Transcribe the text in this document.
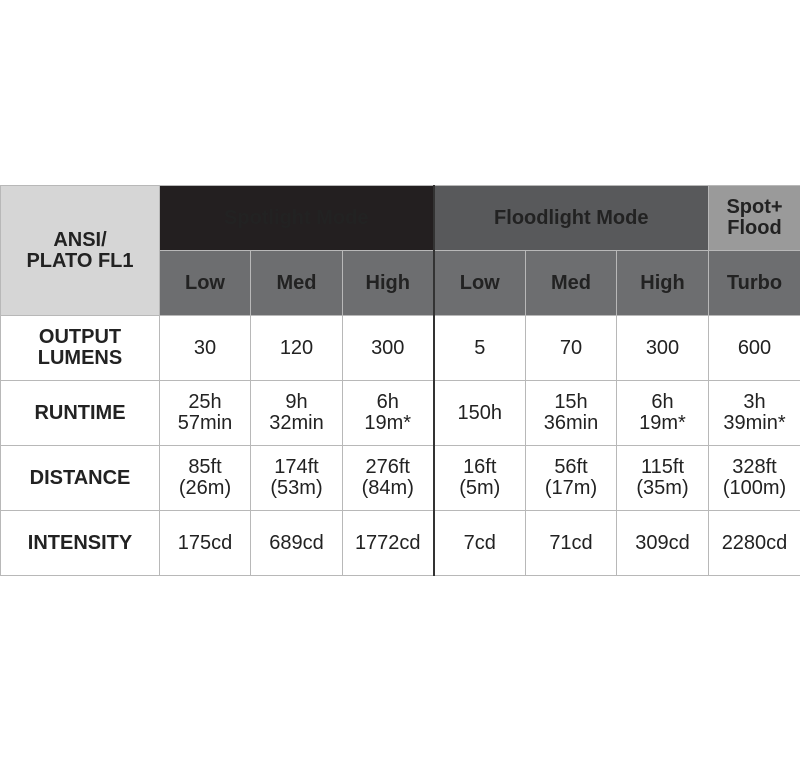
ANSI/
PLATO FL1	Spotlight Mode			Floodlight Mode			Spot+
Flood
	Low	Med	High	Low	Med	High	Turbo
OUTPUT
LUMENS	30	120	300	5	70	300	600
RUNTIME	25h
57min	9h
32min	6h
19m*	150h	15h
36min	6h
19m*	3h
39min*
DISTANCE	85ft
(26m)	174ft
(53m)	276ft
(84m)	16ft
(5m)	56ft
(17m)	115ft
(35m)	328ft
(100m)
INTENSITY	175cd	689cd	1772cd	7cd	71cd	309cd	2280cd
